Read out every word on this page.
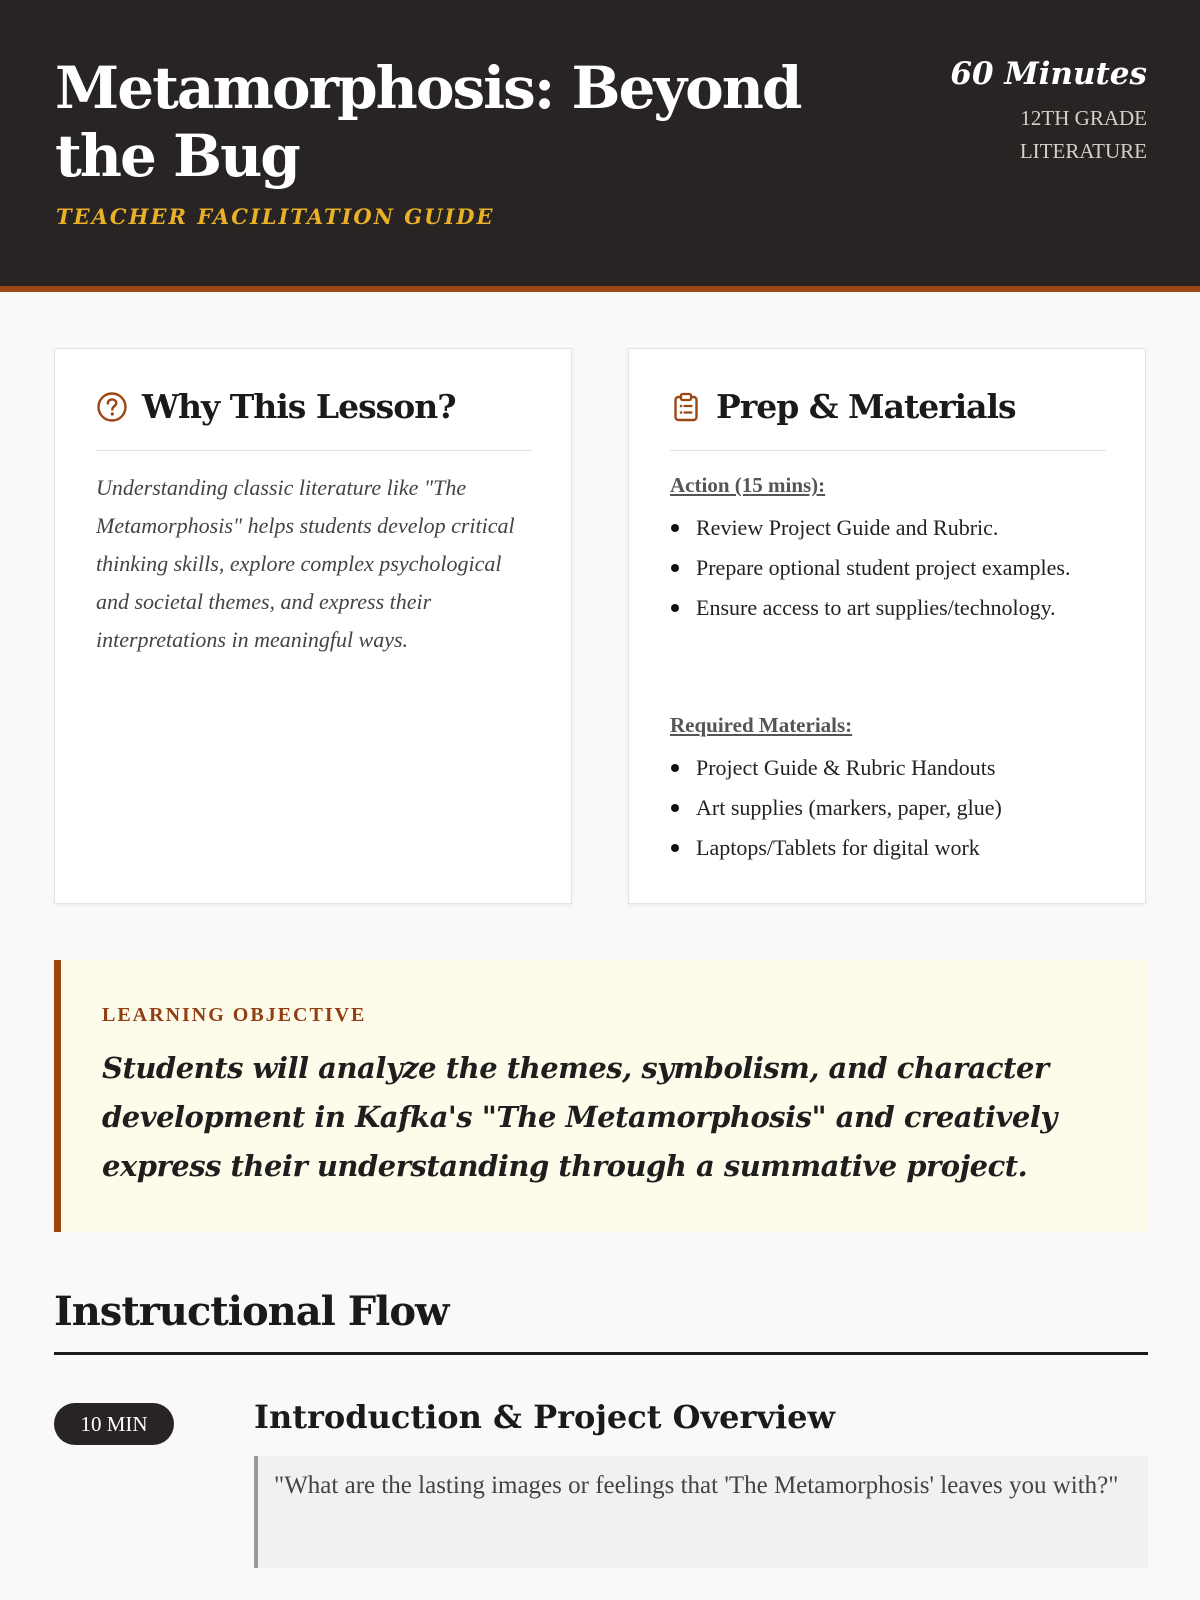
Metamorphosis: Beyond the Bug
TEACHER FACILITATION GUIDE
60 Minutes
12TH GRADE LITERATURE
Why This Lesson?

Understanding classic literature like "The Metamorphosis" helps students develop critical thinking skills, explore complex psychological and societal themes, and express their interpretations in meaningful ways.

Prep & Materials
Action (15 mins):
Review Project Guide and Rubric.
Prepare optional student project examples.
Ensure access to art supplies/technology.
Required Materials:
Project Guide & Rubric Handouts
Art supplies (markers, paper, glue)
Laptops/Tablets for digital work
LEARNING OBJECTIVE

Students will analyze the themes, symbolism, and character development in Kafka's "The Metamorphosis" and creatively express their understanding through a summative project.

Instructional Flow
10 MIN	Introduction & Project Overview
"What are the lasting images or feelings that 'The Metamorphosis' leaves you with?"
